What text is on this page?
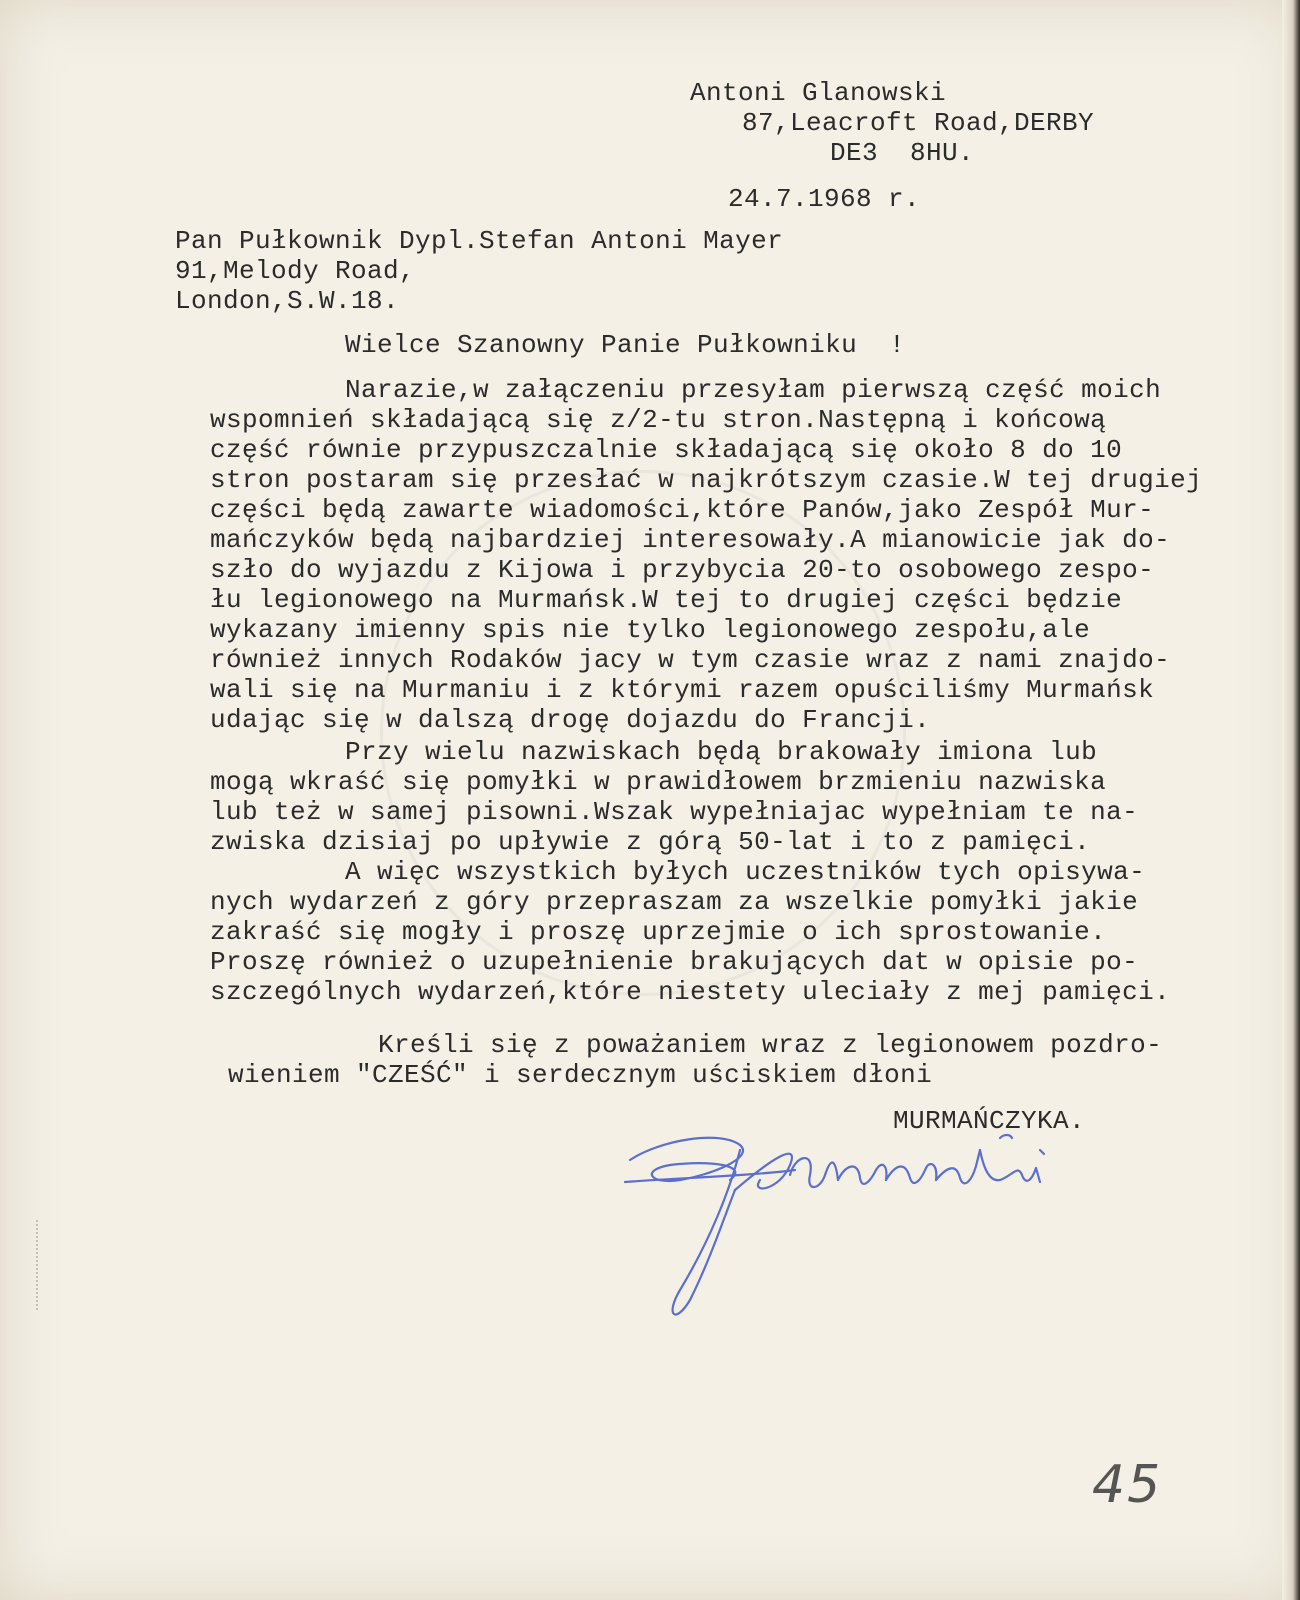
Antoni Glanowski
87,Leacroft Road,DERBY
DE3  8HU.
24.7.1968 r.
Pan Pułkownik Dypl.Stefan Antoni Mayer
91,Melody Road,
London,S.W.18.
Wielce Szanowny Panie Pułkowniku  !
Narazie,w załączeniu przesyłam pierwszą część moich
wspomnień składającą się z/2-tu stron.Następną i końcową
część równie przypuszczalnie składającą się około 8 do 10
stron postaram się przesłać w najkrótszym czasie.W tej drugiej
części będą zawarte wiadomości,które Panów,jako Zespół Mur-
mańczyków będą najbardziej interesowały.A mianowicie jak do-
szło do wyjazdu z Kijowa i przybycia 20-to osobowego zespo-
łu legionowego na Murmańsk.W tej to drugiej części będzie
wykazany imienny spis nie tylko legionowego zespołu,ale
również innych Rodaków jacy w tym czasie wraz z nami znajdo-
wali się na Murmaniu i z którymi razem opuściliśmy Murmańsk
udając się w dalszą drogę dojazdu do Francji.
Przy wielu nazwiskach będą brakowały imiona lub
mogą wkraść się pomyłki w prawidłowem brzmieniu nazwiska
lub też w samej pisowni.Wszak wypełniajac wypełniam te na-
zwiska dzisiaj po upływie z górą 50-lat i to z pamięci.
A więc wszystkich byłych uczestników tych opisywa-
nych wydarzeń z góry przepraszam za wszelkie pomyłki jakie
zakraść się mogły i proszę uprzejmie o ich sprostowanie.
Proszę również o uzupełnienie brakujących dat w opisie po-
szczególnych wydarzeń,które niestety uleciały z mej pamięci.
Kreśli się z poważaniem wraz z legionowem pozdro-
wieniem "CZEŚĆ" i serdecznym uściskiem dłoni
MURMAŃCZYKA.
45
